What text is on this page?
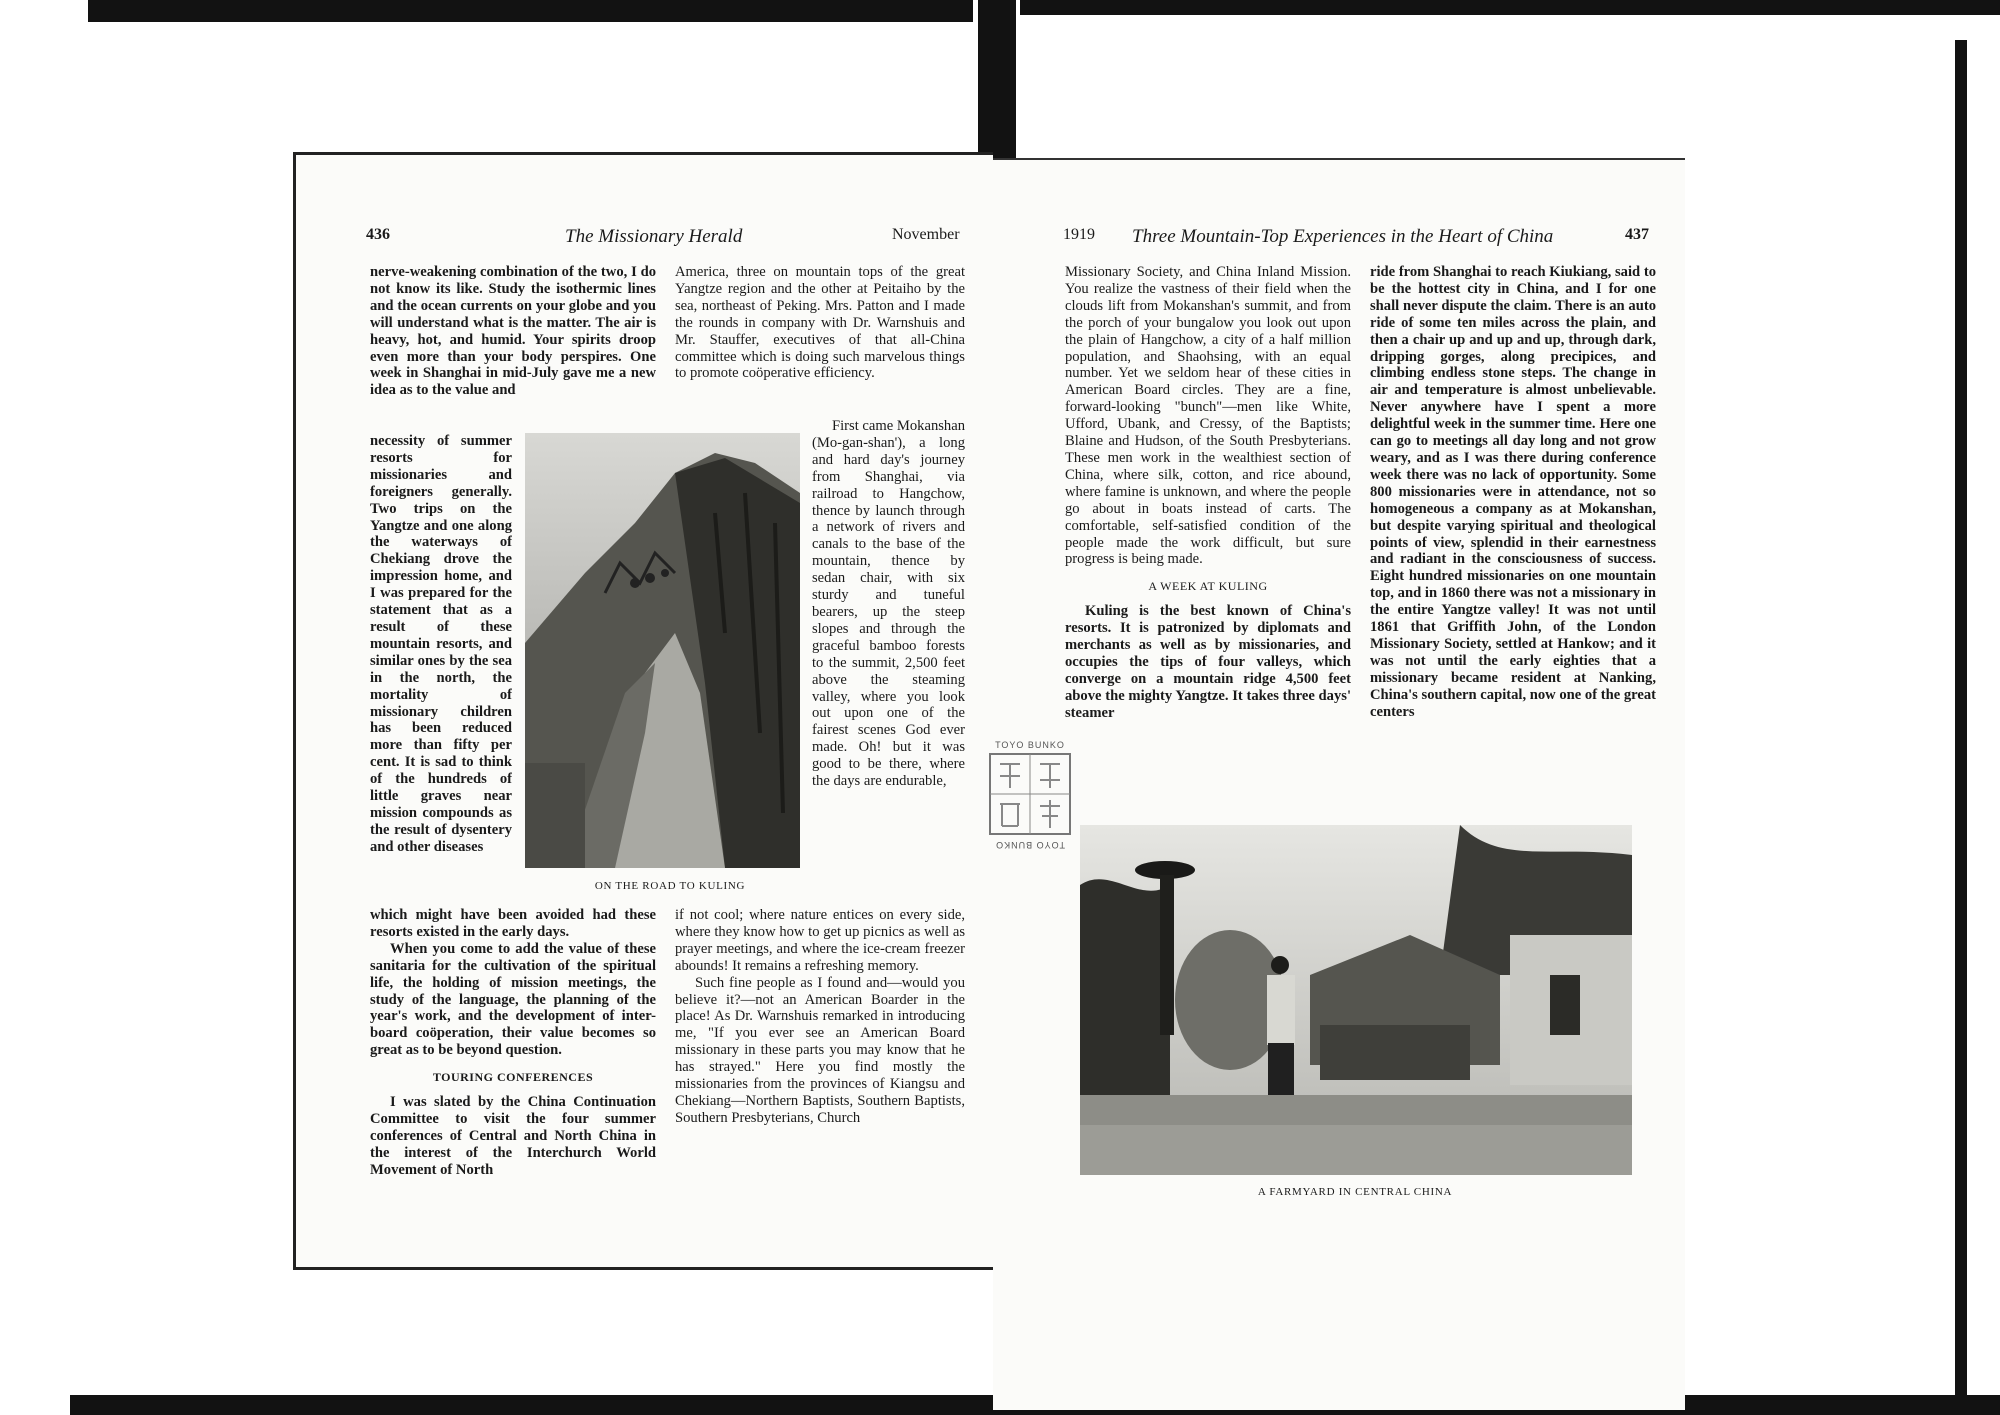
436	The Missionary Herald	November

nerve-weakening combination of the two, I do not know its like. Study the isothermic lines and the ocean currents on your globe and you will understand what is the matter. The air is heavy, hot, and humid. Your spirits droop even more than your body perspires. One week in Shanghai in mid-July gave me a new idea as to the value and

necessity of summer resorts for missionaries and foreigners generally. Two trips on the Yangtze and one along the waterways of Chekiang drove the impression home, and I was prepared for the statement that as a result of these mountain resorts, and similar ones by the sea in the north, the mortality of missionary children has been reduced more than fifty per cent. It is sad to think of the hundreds of little graves near mission compounds as the result of dysentery and other diseases

which might have been avoided had these resorts existed in the early days.

When you come to add the value of these sanitaria for the cultivation of the spiritual life, the holding of mission meetings, the study of the language, the planning of the year's work, and the development of inter-board coöperation, their value becomes so great as to be beyond question.

TOURING CONFERENCES

I was slated by the China Continuation Committee to visit the four summer conferences of Central and North China in the interest of the Interchurch World Movement of North

ON THE ROAD TO KULING

America, three on mountain tops of the great Yangtze region and the other at Peitaiho by the sea, northeast of Peking. Mrs. Patton and I made the rounds in company with Dr. Warnshuis and Mr. Stauffer, executives of that all-China committee which is doing such marvelous things to promote coöperative efficiency.

First came Mokanshan (Mo-gan-shan'), a long and hard day's journey from Shanghai, via railroad to Hangchow, thence by launch through a network of rivers and canals to the base of the mountain, thence by sedan chair, with six sturdy and tuneful bearers, up the steep slopes and through the graceful bamboo forests to the summit, 2,500 feet above the steaming valley, where you look out upon one of the fairest scenes God ever made. Oh! but it was good to be there, where the days are endurable,

if not cool; where nature entices on every side, where they know how to get up picnics as well as prayer meetings, and where the ice-cream freezer abounds! It remains a refreshing memory.

Such fine people as I found and—would you believe it?—not an American Boarder in the place! As Dr. Warnshuis remarked in introducing me, "If you ever see an American Board missionary in these parts you may know that he has strayed." Here you find mostly the missionaries from the provinces of Kiangsu and Chekiang—Northern Baptists, Southern Baptists, Southern Presbyterians, Church

1919 Three Mountain-Top Experiences in the Heart of China	437

Missionary Society, and China Inland Mission. You realize the vastness of their field when the clouds lift from Mokanshan's summit, and from the porch of your bungalow you look out upon the plain of Hangchow, a city of a half million population, and Shaohsing, with an equal number. Yet we seldom hear of these cities in American Board circles. They are a fine, forward-looking "bunch"—men like White, Ufford, Ubank, and Cressy, of the Baptists; Blaine and Hudson, of the South Presbyterians. These men work in the wealthiest section of China, where silk, cotton, and rice abound, where famine is unknown, and where the people go about in boats instead of carts. The comfortable, self-satisfied condition of the people made the work difficult, but sure progress is being made.

A WEEK AT KULING

Kuling is the best known of China's resorts. It is patronized by diplomats and merchants as well as by missionaries, and occupies the tips of four valleys, which converge on a mountain ridge 4,500 feet above the mighty Yangtze. It takes three days' steamer

ride from Shanghai to reach Kiukiang, said to be the hottest city in China, and I for one shall never dispute the claim. There is an auto ride of some ten miles across the plain, and then a chair up and up and up, through dark, dripping gorges, along precipices, and climbing endless stone steps. The change in air and temperature is almost unbelievable. Never anywhere have I spent a more delightful week in the summer time. Here one can go to meetings all day long and not grow weary, and as I was there during conference week there was no lack of opportunity. Some 800 missionaries were in attendance, not so homogeneous a company as at Mokanshan, but despite varying spiritual and theological points of view, splendid in their earnestness and radiant in the consciousness of success. Eight hundred missionaries on one mountain top, and in 1860 there was not a missionary in the entire Yangtze valley! It was not until 1861 that Griffith John, of the London Missionary Society, settled at Hankow; and it was not until the early eighties that a missionary became resident at Nanking, China's southern capital, now one of the great centers

A FARMYARD IN CENTRAL CHINA
TOYO BUNKO
TOYO BUNKO
